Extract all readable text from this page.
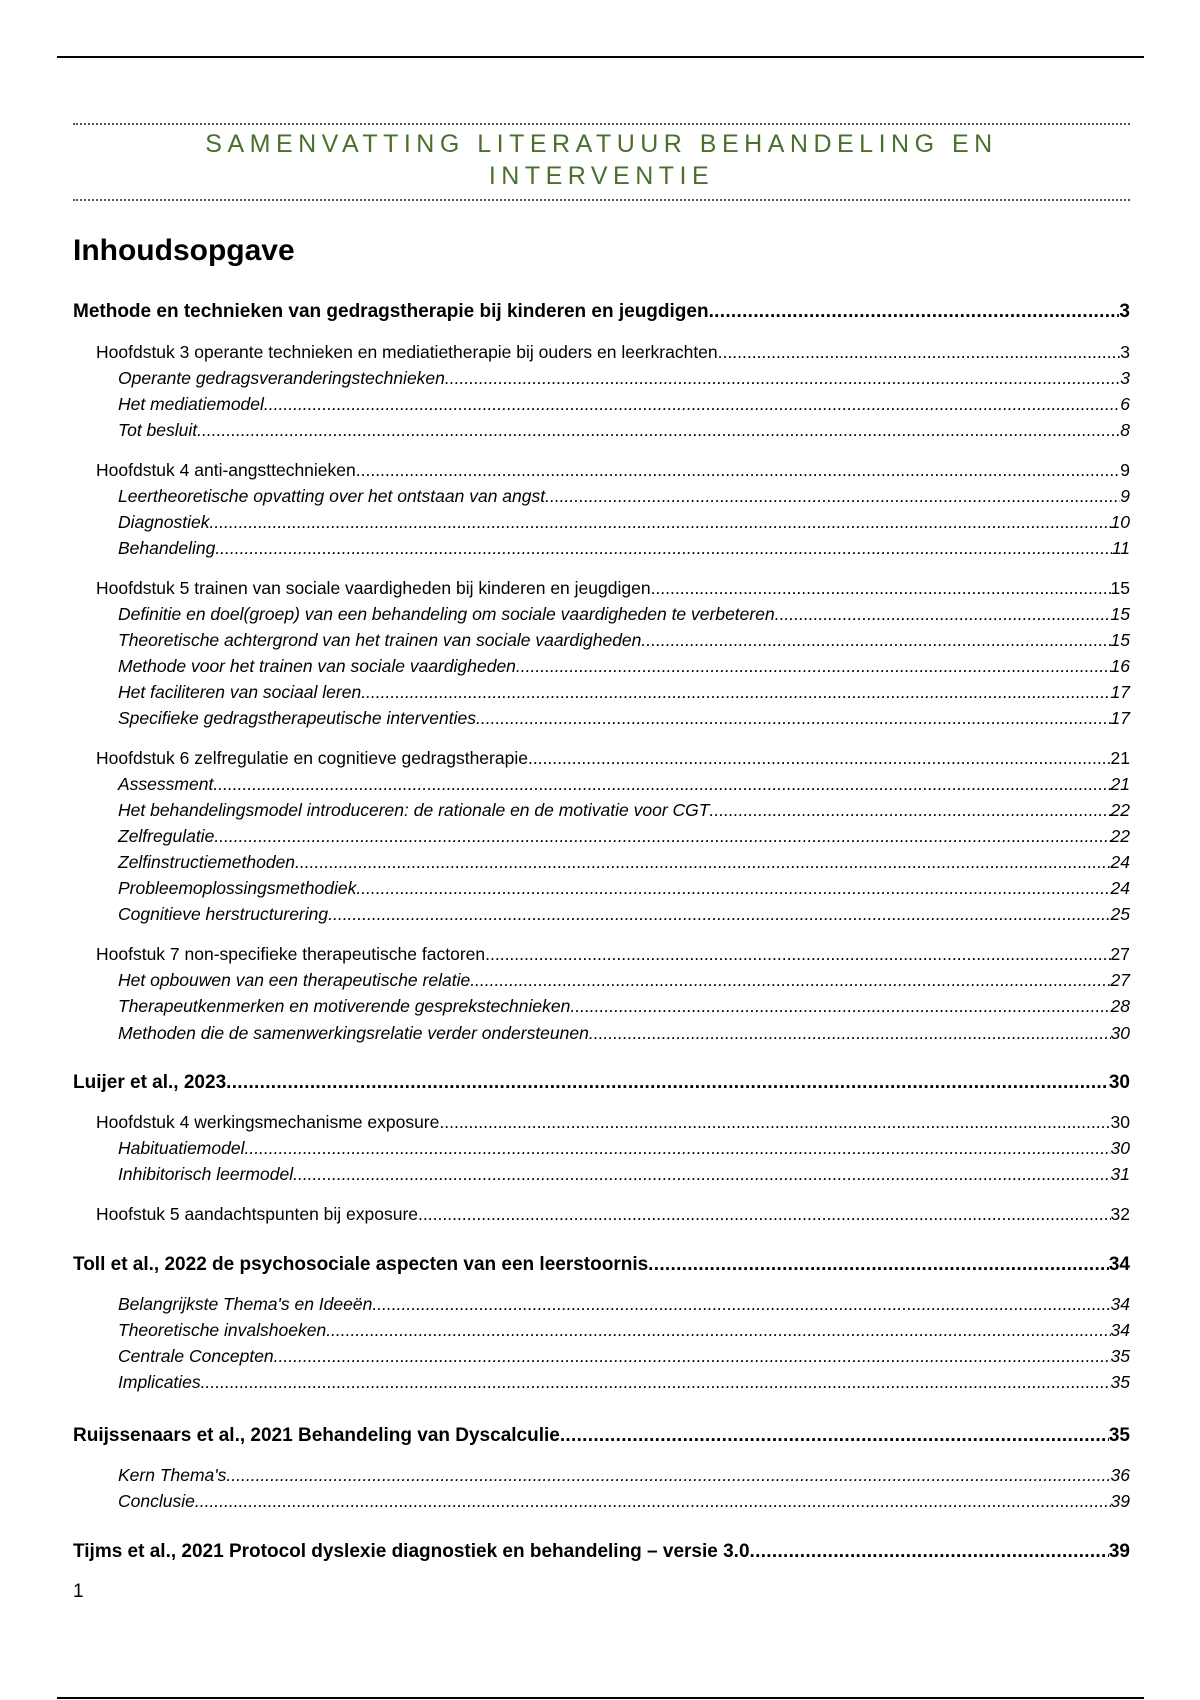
SAMENVATTING LITERATUUR BEHANDELING EN
INTERVENTIE
Inhoudsopgave
Methode en technieken van gedragstherapie bij kinderen en jeugdigen .....	3
Hoofdstuk 3 operante technieken en mediatietherapie bij ouders en leerkrachten .....	3
Operante gedragsveranderingstechnieken .....	3
Het mediatiemodel .....	6
Tot besluit .....	8
Hoofdstuk 4 anti-angsttechnieken .....	9
Leertheoretische opvatting over het ontstaan van angst .....	9
Diagnostiek .....	10
Behandeling .....	11
Hoofdstuk 5 trainen van sociale vaardigheden bij kinderen en jeugdigen .....	15
Definitie en doel(groep) van een behandeling om sociale vaardigheden te verbeteren .....	15
Theoretische achtergrond van het trainen van sociale vaardigheden .....	15
Methode voor het trainen van sociale vaardigheden .....	16
Het faciliteren van sociaal leren .....	17
Specifieke gedragstherapeutische interventies .....	17
Hoofdstuk 6 zelfregulatie en cognitieve gedragstherapie .....	21
Assessment .....	21
Het behandelingsmodel introduceren: de rationale en de motivatie voor CGT .....	22
Zelfregulatie .....	22
Zelfinstructiemethoden .....	24
Probleemoplossingsmethodiek .....	24
Cognitieve herstructurering .....	25
Hoofstuk 7 non-specifieke therapeutische factoren .....	27
Het opbouwen van een therapeutische relatie .....	27
Therapeutkenmerken en motiverende gesprekstechnieken .....	28
Methoden die de samenwerkingsrelatie verder ondersteunen .....	30
Luijer et al., 2023 .....	30
Hoofdstuk 4 werkingsmechanisme exposure .....	30
Habituatiemodel .....	30
Inhibitorisch leermodel .....	31
Hoofstuk 5 aandachtspunten bij exposure .....	32
Toll et al., 2022 de psychosociale aspecten van een leerstoornis .....	34
Belangrijkste Thema's en Ideeën .....	34
Theoretische invalshoeken .....	34
Centrale Concepten .....	35
Implicaties .....	35
Ruijssenaars et al., 2021 Behandeling van Dyscalculie .....	35
Kern Thema's .....	36
Conclusie .....	39
Tijms et al., 2021 Protocol dyslexie diagnostiek en behandeling – versie 3.0 .....	39
1
